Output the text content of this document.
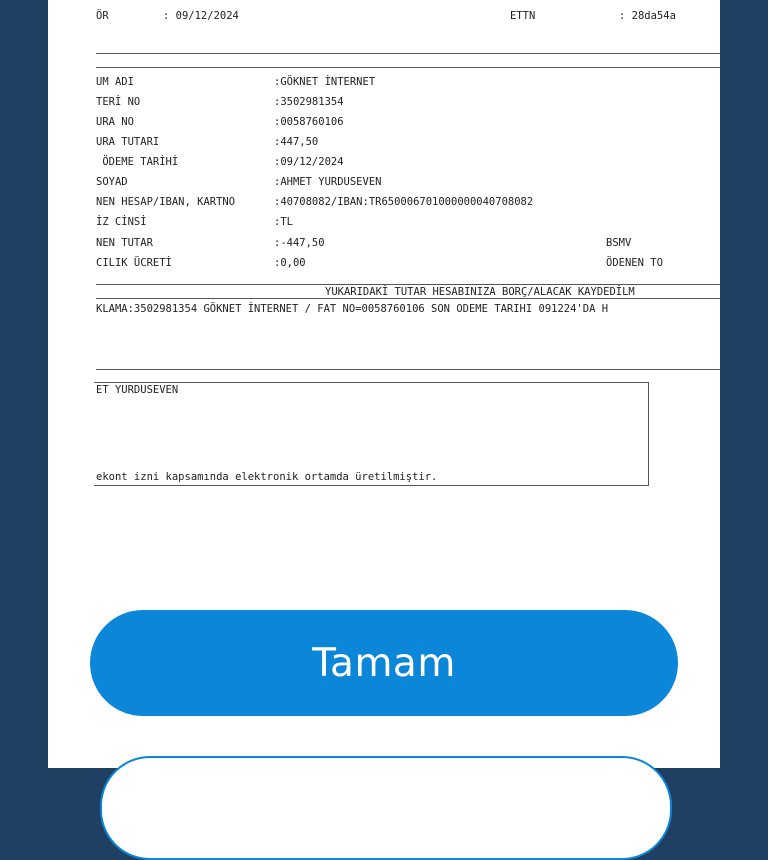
ÖR	: 09/12/2024	ETTN	: 28da54a
UM ADI	:GÖKNET İNTERNET
TERİ NO	:3502981354
URA NO	:0058760106
URA TUTARI	:447,50
ÖDEME TARİHİ	:09/12/2024
SOYAD	:AHMET YURDUSEVEN
NEN HESAP/IBAN, KARTNO	:40708082/IBAN:TR650006701000000040708082
İZ CİNSİ	:TL
NEN TUTAR	:-447,50	BSMV
CILIK ÜCRETİ	:0,00	ÖDENEN TO
YUKARIDAKİ TUTAR HESABINIZA BORÇ/ALACAK KAYDEDİLM
KLAMA:3502981354 GÖKNET İNTERNET / FAT NO=0058760106 SON ODEME TARIHI 091224'DA H
ET YURDUSEVEN
ekont izni kapsamında elektronik ortamda üretilmiştir.
Tamam
